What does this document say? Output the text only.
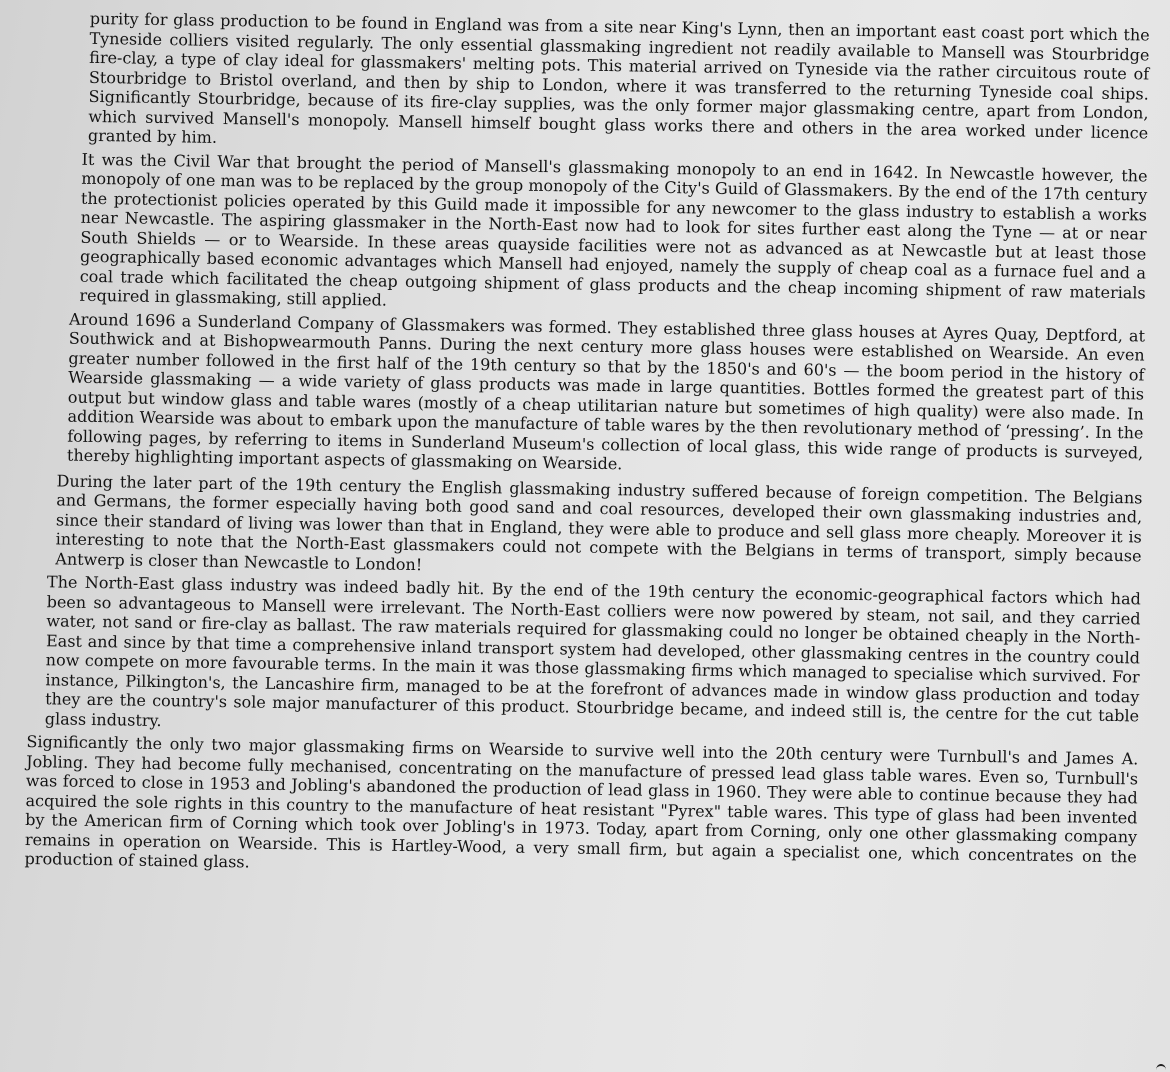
purity for glass production to be found in England was from a site near King's Lynn, then an important east coast port which the Tyneside colliers visited regularly. The only essential glassmaking ingredient not readily available to Mansell was Stourbridge fire-clay, a type of clay ideal for glassmakers' melting pots. This material arrived on Tyneside via the rather circuitous route of Stourbridge to Bristol overland, and then by ship to London, where it was transferred to the returning Tyneside coal ships. Significantly Stourbridge, because of its fire-clay supplies, was the only former major glassmaking centre, apart from London, which survived Mansell's monopoly. Mansell himself bought glass works there and others in the area worked under licence granted by him.

It was the Civil War that brought the period of Mansell's glassmaking monopoly to an end in 1642. In Newcastle however, the monopoly of one man was to be replaced by the group monopoly of the City's Guild of Glassmakers. By the end of the 17th century the protectionist policies operated by this Guild made it impossible for any newcomer to the glass industry to establish a works near Newcastle. The aspiring glassmaker in the North-East now had to look for sites further east along the Tyne — at or near South Shields — or to Wearside. In these areas quayside facilities were not as advanced as at Newcastle but at least those geographically based economic advantages which Mansell had enjoyed, namely the supply of cheap coal as a furnace fuel and a coal trade which facilitated the cheap outgoing shipment of glass products and the cheap incoming shipment of raw materials required in glassmaking, still applied.

Around 1696 a Sunderland Company of Glassmakers was formed. They established three glass houses at Ayres Quay, Deptford, at Southwick and at Bishopwearmouth Panns. During the next century more glass houses were established on Wearside. An even greater number followed in the first half of the 19th century so that by the 1850's and 60's — the boom period in the history of Wearside glassmaking — a wide variety of glass products was made in large quantities. Bottles formed the greatest part of this output but window glass and table wares (mostly of a cheap utilitarian nature but sometimes of high quality) were also made. In addition Wearside was about to embark upon the manufacture of table wares by the then revolutionary method of ‘pressing’. In the following pages, by referring to items in Sunderland Museum's collection of local glass, this wide range of products is surveyed, thereby highlighting important aspects of glassmaking on Wearside.

During the later part of the 19th century the English glassmaking industry suffered because of foreign competition. The Belgians and Germans, the former especially having both good sand and coal resources, developed their own glassmaking industries and, since their standard of living was lower than that in England, they were able to produce and sell glass more cheaply. Moreover it is interesting to note that the North-East glassmakers could not compete with the Belgians in terms of transport, simply because Antwerp is closer than Newcastle to London!

The North-East glass industry was indeed badly hit. By the end of the 19th century the economic-geographical factors which had been so advantageous to Mansell were irrelevant. The North-East colliers were now powered by steam, not sail, and they carried water, not sand or fire-clay as ballast. The raw materials required for glassmaking could no longer be obtained cheaply in the North-East and since by that time a comprehensive inland transport system had developed, other glassmaking centres in the country could now compete on more favourable terms. In the main it was those glassmaking firms which managed to specialise which survived. For instance, Pilkington's, the Lancashire firm, managed to be at the forefront of advances made in window glass production and today they are the country's sole major manufacturer of this product. Stourbridge became, and indeed still is, the centre for the cut table glass industry.

Significantly the only two major glassmaking firms on Wearside to survive well into the 20th century were Turnbull's and James A. Jobling. They had become fully mechanised, concentrating on the manufacture of pressed lead glass table wares. Even so, Turnbull's was forced to close in 1953 and Jobling's abandoned the production of lead glass in 1960. They were able to continue because they had acquired the sole rights in this country to the manufacture of heat resistant "Pyrex" table wares. This type of glass had been invented by the American firm of Corning which took over Jobling's in 1973. Today, apart from Corning, only one other glassmaking company remains in operation on Wearside. This is Hartley-Wood, a very small firm, but again a specialist one, which concentrates on the production of stained glass.
